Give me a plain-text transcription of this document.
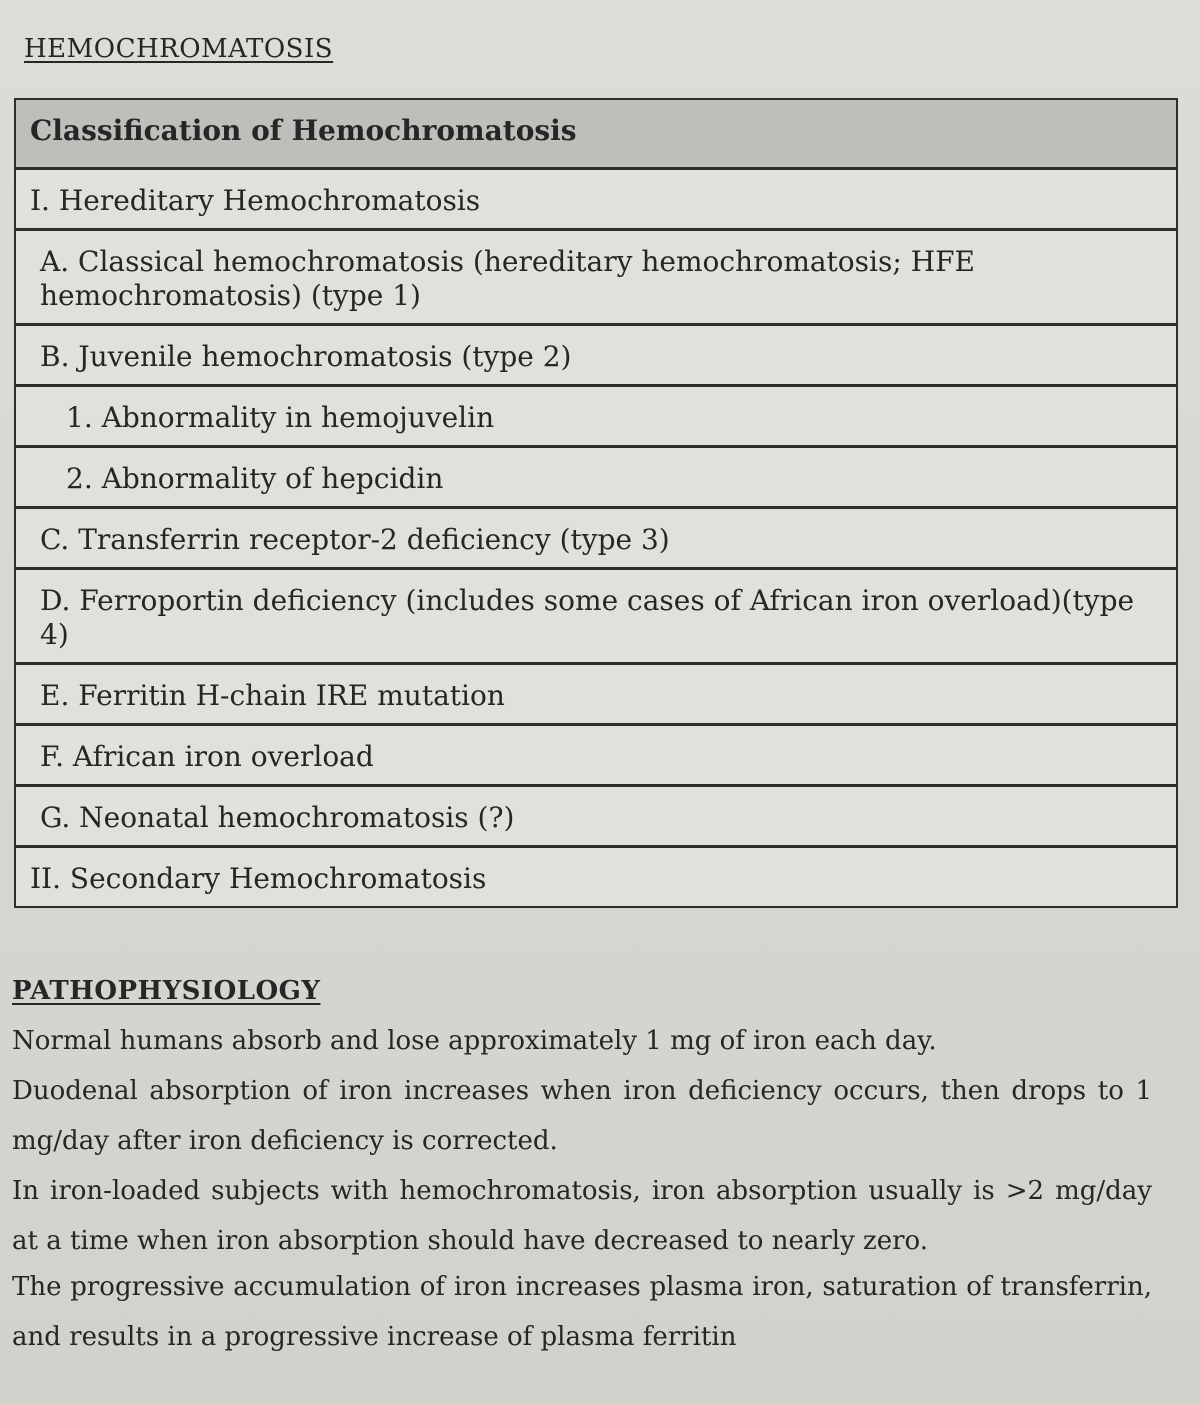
HEMOCHROMATOSIS
Classification of Hemochromatosis
I. Hereditary Hemochromatosis
A. Classical hemochromatosis (hereditary hemochromatosis; HFE hemochromatosis) (type 1)
B. Juvenile hemochromatosis (type 2)
1. Abnormality in hemojuvelin
2. Abnormality of hepcidin
C. Transferrin receptor-2 deficiency (type 3)
D. Ferroportin deficiency (includes some cases of African iron overload)(type 4)
E. Ferritin H-chain IRE mutation
F. African iron overload
G. Neonatal hemochromatosis (?)
II. Secondary Hemochromatosis
PATHOPHYSIOLOGY

Normal humans absorb and lose approximately 1 mg of iron each day.

Duodenal absorption of iron increases when iron deficiency occurs, then drops to 1 mg/day after iron deficiency is corrected.

In iron-loaded subjects with hemochromatosis, iron absorption usually is >2 mg/day at a time when iron absorption should have decreased to nearly zero.

The progressive accumulation of iron increases plasma iron, saturation of transferrin, and results in a progressive increase of plasma ferritin
